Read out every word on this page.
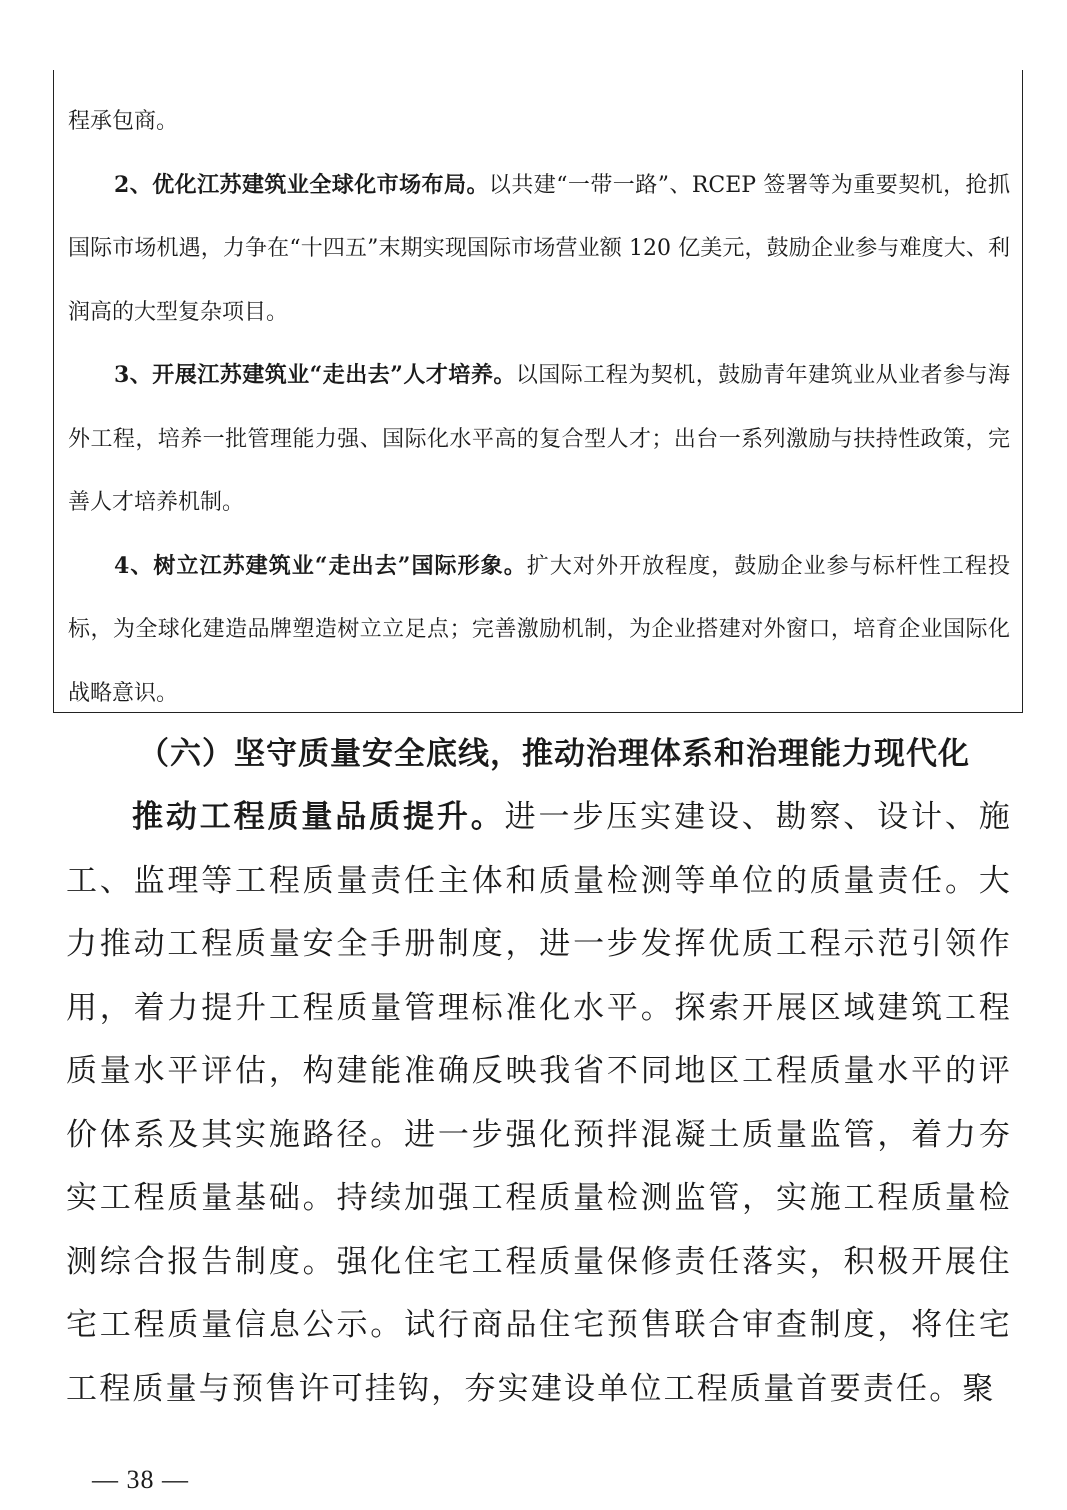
程承包商。

2、优化江苏建筑业全球化市场布局。以共建“一带一路”、RCEP 签署等为重要契机，抢抓国际市场机遇，力争在“十四五”末期实现国际市场营业额 120 亿美元，鼓励企业参与难度大、利润高的大型复杂项目。

3、开展江苏建筑业“走出去”人才培养。以国际工程为契机，鼓励青年建筑业从业者参与海外工程，培养一批管理能力强、国际化水平高的复合型人才；出台一系列激励与扶持性政策，完善人才培养机制。

4、树立江苏建筑业“走出去”国际形象。扩大对外开放程度，鼓励企业参与标杆性工程投标，为全球化建造品牌塑造树立立足点；完善激励机制，为企业搭建对外窗口，培育企业国际化战略意识。

（六）坚守质量安全底线，推动治理体系和治理能力现代化

推动工程质量品质提升。进一步压实建设、勘察、设计、施工、监理等工程质量责任主体和质量检测等单位的质量责任。大力推动工程质量安全手册制度，进一步发挥优质工程示范引领作用，着力提升工程质量管理标准化水平。探索开展区域建筑工程质量水平评估，构建能准确反映我省不同地区工程质量水平的评价体系及其实施路径。进一步强化预拌混凝土质量监管，着力夯实工程质量基础。持续加强工程质量检测监管，实施工程质量检测综合报告制度。强化住宅工程质量保修责任落实，积极开展住宅工程质量信息公示。试行商品住宅预售联合审查制度，将住宅工程质量与预售许可挂钩，夯实建设单位工程质量首要责任。聚

— 38 —
